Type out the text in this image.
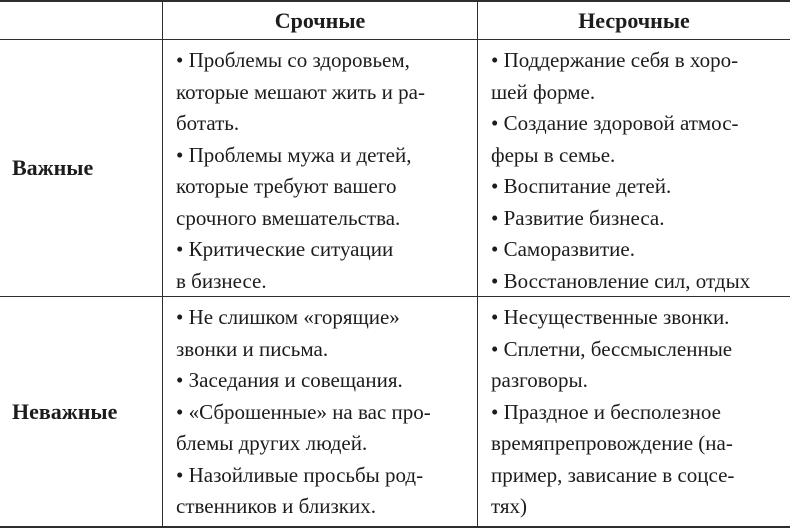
Срочные	Несрочные
Важные
• Проблемы со здоровьем,
которые мешают жить и ра-
ботать.
• Проблемы мужа и детей,
которые требуют вашего
срочного вмешательства.
• Критические ситуации
в бизнесе.
• Поддержание себя в хоро-
шей форме.
• Создание здоровой атмос-
феры в семье.
• Воспитание детей.
• Развитие бизнеса.
• Саморазвитие.
• Восстановление сил, отдых
Неважные
• Не слишком «горящие»
звонки и письма.
• Заседания и совещания.
• «Сброшенные» на вас про-
блемы других людей.
• Назойливые просьбы род-
ственников и близких.
• Несущественные звонки.
• Сплетни, бессмысленные
разговоры.
• Праздное и бесполезное
времяпрепровождение (на-
пример, зависание в соцсе-
тях)
